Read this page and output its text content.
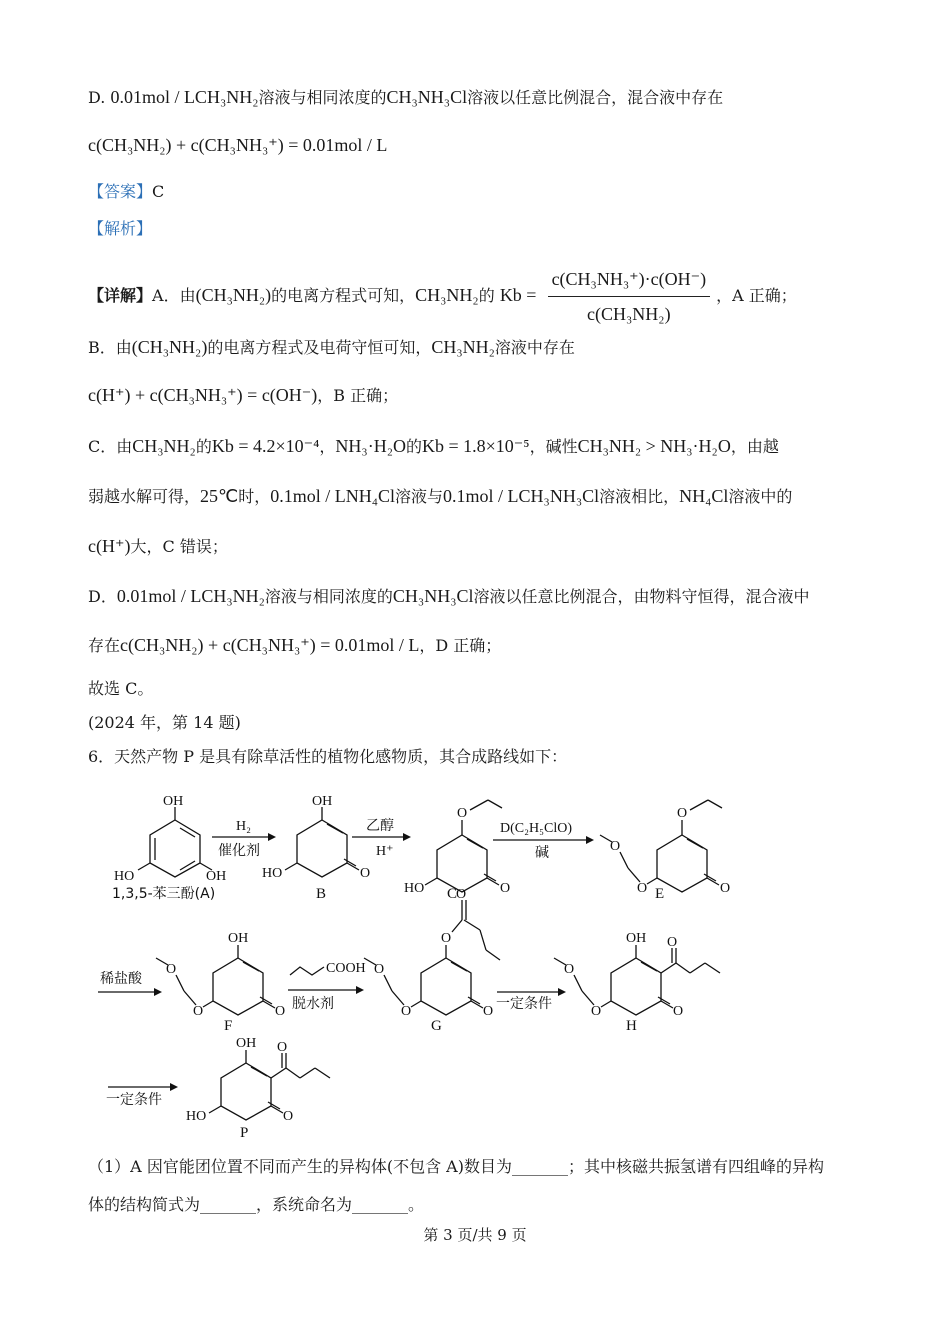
D. 0.01mol / LCH₃NH₂溶液与相同浓度的CH₃NH₃Cl溶液以任意比例混合，混合液中存在
c(CH₃NH₂) + c(CH₃NH₃⁺) = 0.01mol / L
【答案】C
【解析】
【详解】A．由(CH₃NH₂)的电离方程式可知，CH₃NH₂的 $Kb = \frac{\text{c(CH₃NH₃⁺)·c(OH⁻)}}{\text{c(CH₃NH₂)}}$ ，A 正确；
B．由(CH₃NH₂)的电离方程式及电荷守恒可知，CH₃NH₂溶液中存在
c(H⁺) + c(CH₃NH₃⁺) = c(OH⁻)，B 正确；
C．由CH₃NH₂的Kb = 4.2×10⁻⁴，NH₃·H₂O的Kb = 1.8×10⁻⁵，碱性CH₃NH₂ > NH₃·H₂O，由越
弱越水解可得，25℃时，0.1mol / LNH₄Cl溶液与0.1mol / LCH₃NH₃Cl溶液相比，NH₄Cl溶液中的
c(H⁺)大，C 错误；
D．0.01mol / LCH₃NH₂溶液与相同浓度的CH₃NH₃Cl溶液以任意比例混合，由物料守恒得，混合液中
存在c(CH₃NH₂) + c(CH₃NH₃⁺) = 0.01mol / L，D 正确；
故选 C。
(2024 年，第 14 题)
6．天然产物 P 是具有除草活性的植物化感物质，其合成路线如下：
OH
HO	OH
1,3,5-苯三酚(A)
H₂
催化剂
OH
HO	O
B
乙醇
H⁺
O
HO	O
C
D(C₂H₅ClO)
碱
O
O
O
O
E
稀盐酸
OH
O
O
O
F
COOH
脱水剂
O
O
O
O
O
G
一定条件
OH O
O
O
O
H
一定条件
OH O
HO	O
P
（1）A 因官能团位置不同而产生的异构体(不包含 A)数目为_______；其中核磁共振氢谱有四组峰的异构
体的结构简式为_______，系统命名为_______。
第 3 页/共 9 页
